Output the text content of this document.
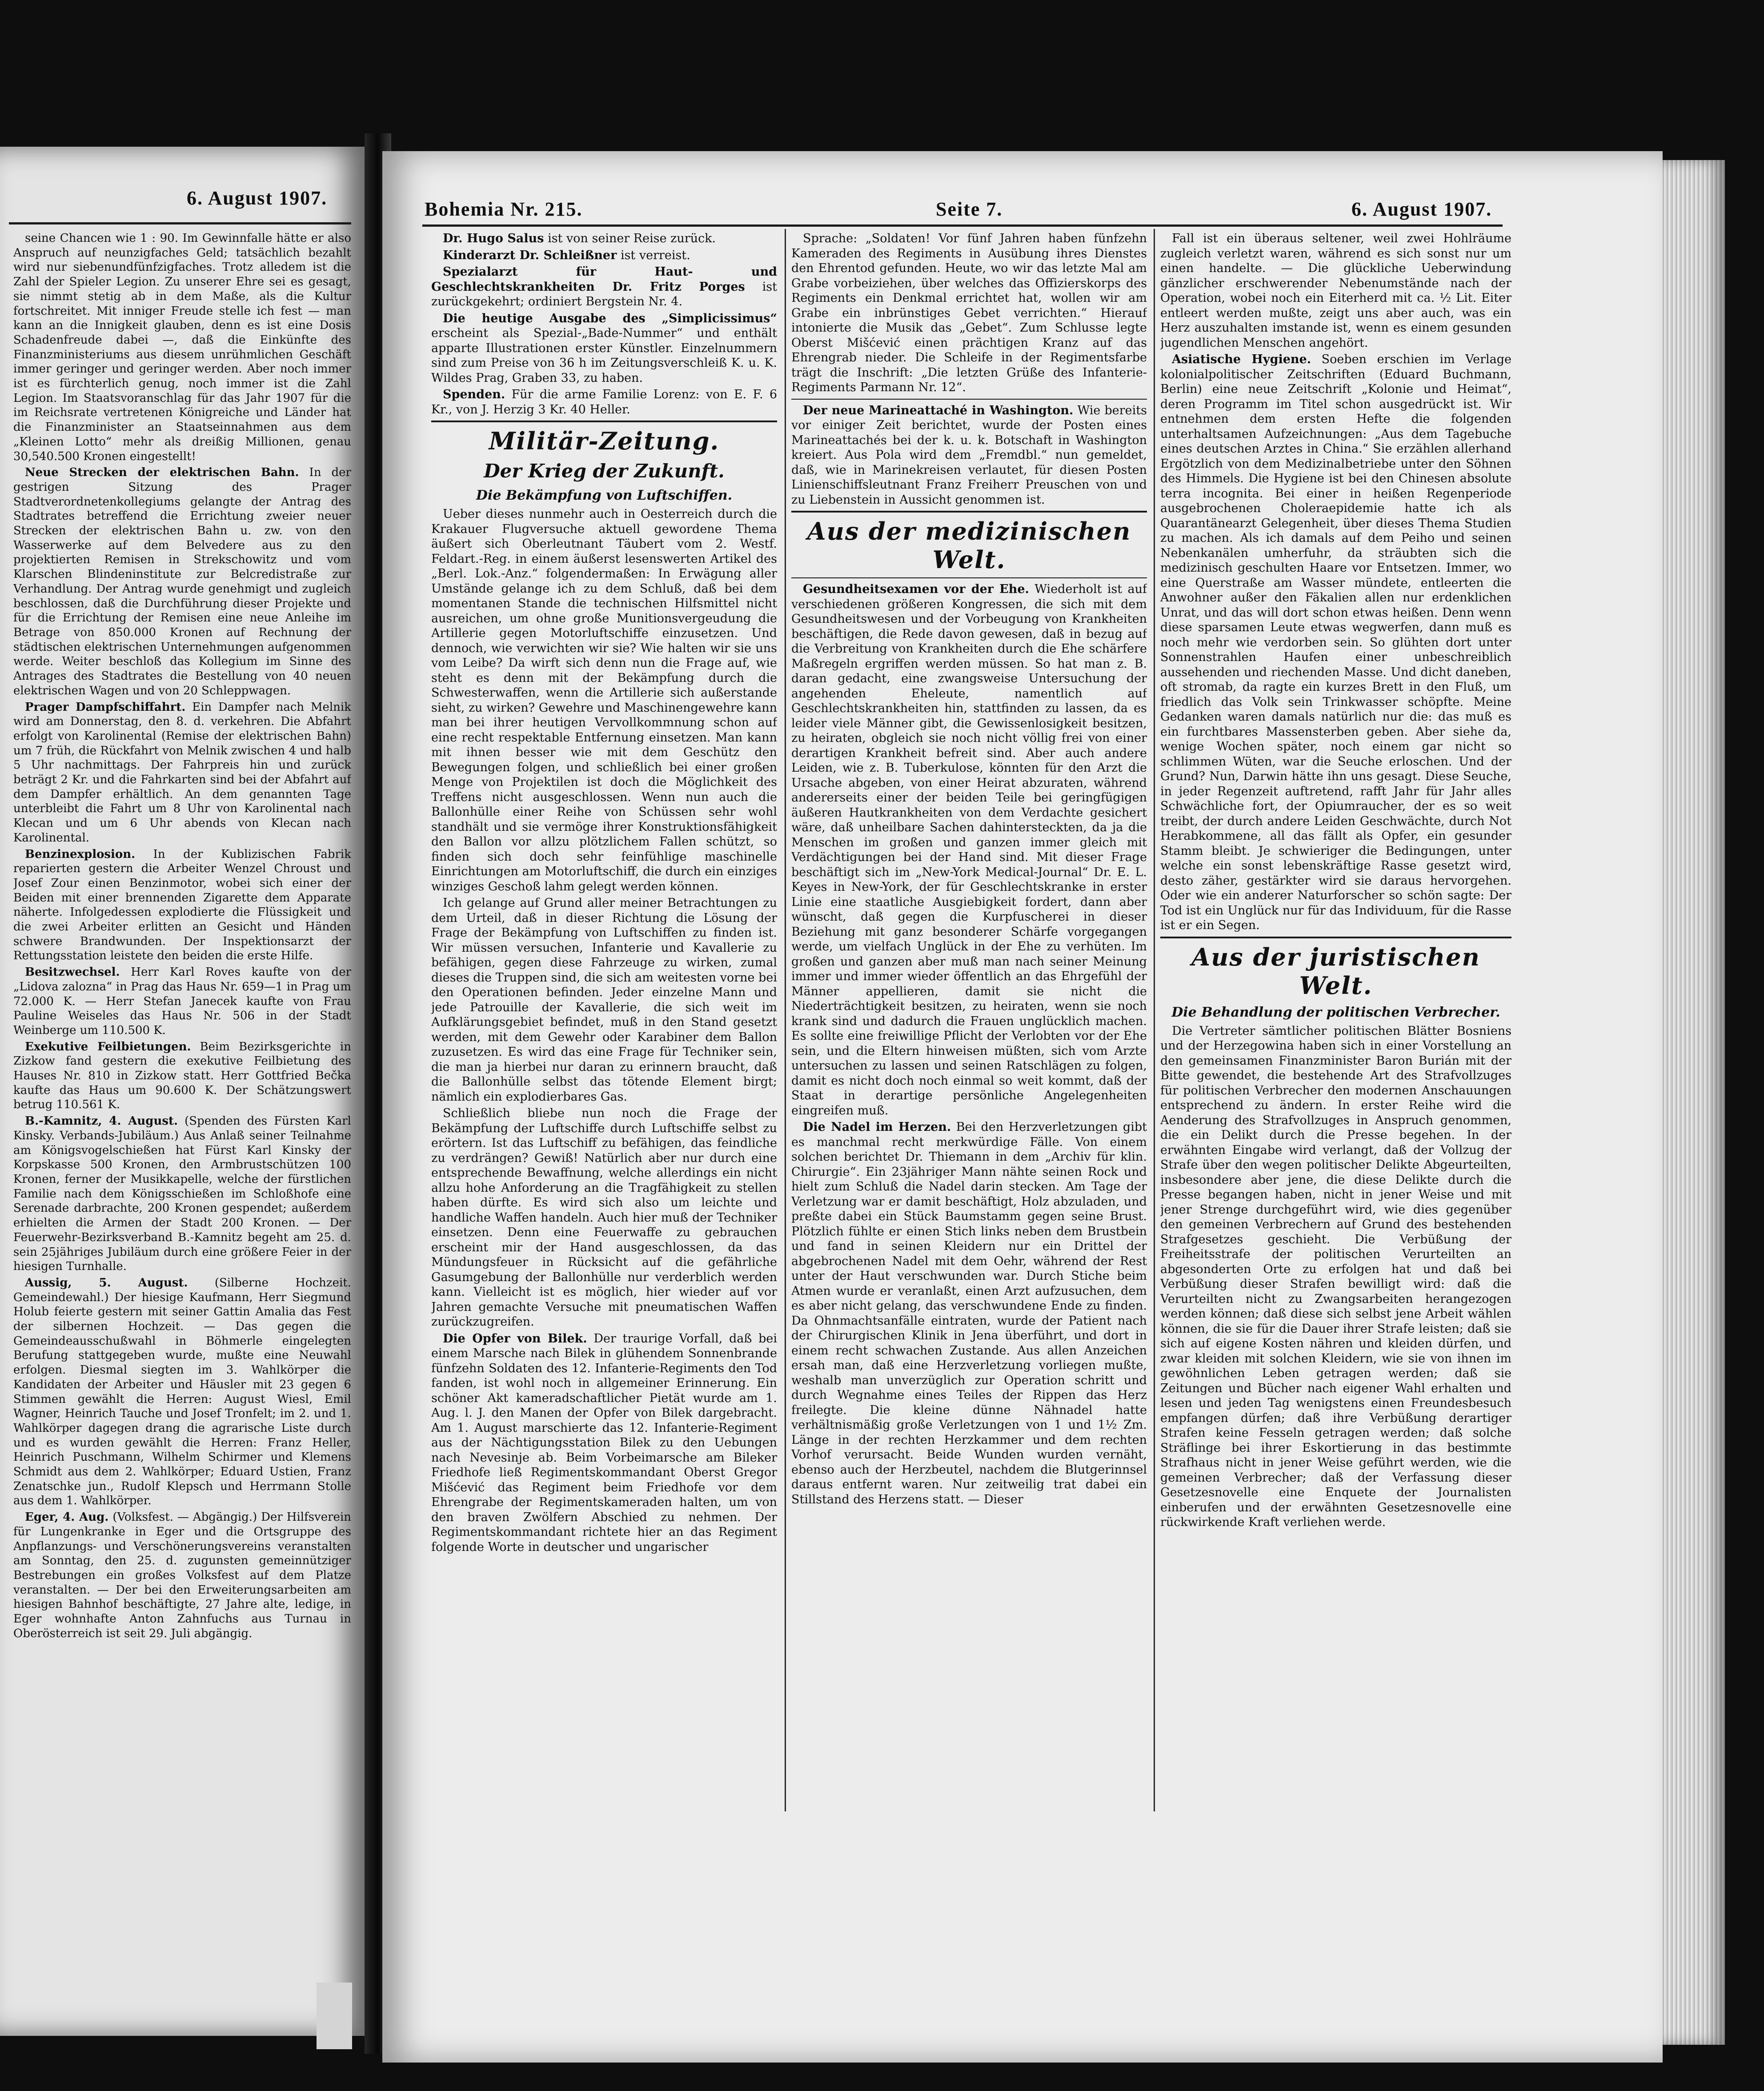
6. August 1907.
Bohemia Nr. 215.	Seite 7.	6. August 1907.

seine Chancen wie 1 : 90. Im Gewinnfalle hätte er also Anspruch auf neunzigfaches Geld; tatsächlich bezahlt wird nur siebenundfünfzigfaches. Trotz alledem ist die Zahl der Spieler Legion. Zu unserer Ehre sei es gesagt, sie nimmt stetig ab in dem Maße, als die Kultur fortschreitet. Mit inniger Freude stelle ich fest — man kann an die Innigkeit glauben, denn es ist eine Dosis Schadenfreude dabei —, daß die Einkünfte des Finanzministeriums aus diesem unrühmlichen Geschäft immer geringer und geringer werden. Aber noch immer ist es fürchterlich genug, noch immer ist die Zahl Legion. Im Staatsvoranschlag für das Jahr 1907 für die im Reichsrate vertretenen Königreiche und Länder hat die Finanzminister an Staatseinnahmen aus dem „Kleinen Lotto“ mehr als dreißig Millionen, genau 30,540.500 Kronen eingestellt!

Neue Strecken der elektrischen Bahn. In der gestrigen Sitzung des Prager Stadtverordnetenkollegiums gelangte der Antrag des Stadtrates betreffend die Errichtung zweier neuer Strecken der elektrischen Bahn u. zw. von den Wasserwerke auf dem Belvedere aus zu den projektierten Remisen in Strekschowitz und vom Klarschen Blindeninstitute zur Belcredistraße zur Verhandlung. Der Antrag wurde genehmigt und zugleich beschlossen, daß die Durchführung dieser Projekte und für die Errichtung der Remisen eine neue Anleihe im Betrage von 850.000 Kronen auf Rechnung der städtischen elektrischen Unternehmungen aufgenommen werde. Weiter beschloß das Kollegium im Sinne des Antrages des Stadtrates die Bestellung von 40 neuen elektrischen Wagen und von 20 Schleppwagen.

Prager Dampfschiffahrt. Ein Dampfer nach Melnik wird am Donnerstag, den 8. d. verkehren. Die Abfahrt erfolgt von Karolinental (Remise der elektrischen Bahn) um 7 früh, die Rückfahrt von Melnik zwischen 4 und halb 5 Uhr nachmittags. Der Fahrpreis hin und zurück beträgt 2 Kr. und die Fahrkarten sind bei der Abfahrt auf dem Dampfer erhältlich. An dem genannten Tage unterbleibt die Fahrt um 8 Uhr von Karolinental nach Klecan und um 6 Uhr abends von Klecan nach Karolinental.

Benzinexplosion. In der Kublizischen Fabrik reparierten gestern die Arbeiter Wenzel Chroust und Josef Zour einen Benzinmotor, wobei sich einer der Beiden mit einer brennenden Zigarette dem Apparate näherte. Infolgedessen explodierte die Flüssigkeit und die zwei Arbeiter erlitten an Gesicht und Händen schwere Brandwunden. Der Inspektionsarzt der Rettungsstation leistete den beiden die erste Hilfe.

Besitzwechsel. Herr Karl Roves kaufte von der „Lidova zalozna“ in Prag das Haus Nr. 659—1 in Prag um 72.000 K. — Herr Stefan Janecek kaufte von Frau Pauline Weiseles das Haus Nr. 506 in der Stadt Weinberge um 110.500 K.

Exekutive Feilbietungen. Beim Bezirksgerichte in Zizkow fand gestern die exekutive Feilbietung des Hauses Nr. 810 in Zizkow statt. Herr Gottfried Bečka kaufte das Haus um 90.600 K. Der Schätzungswert betrug 110.561 K.

B.-Kamnitz, 4. August. (Spenden des Fürsten Karl Kinsky. Verbands-Jubiläum.) Aus Anlaß seiner Teilnahme am Königsvogelschießen hat Fürst Karl Kinsky der Korpskasse 500 Kronen, den Armbrustschützen 100 Kronen, ferner der Musikkapelle, welche der fürstlichen Familie nach dem Königsschießen im Schloßhofe eine Serenade darbrachte, 200 Kronen gespendet; außerdem erhielten die Armen der Stadt 200 Kronen. — Der Feuerwehr-Bezirksverband B.-Kamnitz begeht am 25. d. sein 25jähriges Jubiläum durch eine größere Feier in der hiesigen Turnhalle.

Aussig, 5. August. (Silberne Hochzeit. Gemeindewahl.) Der hiesige Kaufmann, Herr Siegmund Holub feierte gestern mit seiner Gattin Amalia das Fest der silbernen Hochzeit. — Das gegen die Gemeindeausschußwahl in Böhmerle eingelegten Berufung stattgegeben wurde, mußte eine Neuwahl erfolgen. Diesmal siegten im 3. Wahlkörper die Kandidaten der Arbeiter und Häusler mit 23 gegen 6 Stimmen gewählt die Herren: August Wiesl, Emil Wagner, Heinrich Tauche und Josef Tronfelt; im 2. und 1. Wahlkörper dagegen drang die agrarische Liste durch und es wurden gewählt die Herren: Franz Heller, Heinrich Puschmann, Wilhelm Schirmer und Klemens Schmidt aus dem 2. Wahlkörper; Eduard Ustien, Franz Zenatschke jun., Rudolf Klepsch und Herrmann Stolle aus dem 1. Wahlkörper.

Eger, 4. Aug. (Volksfest. — Abgängig.) Der Hilfsverein für Lungenkranke in Eger und die Ortsgruppe des Anpflanzungs- und Verschönerungsvereins veranstalten am Sonntag, den 25. d. zugunsten gemeinnütziger Bestrebungen ein großes Volksfest auf dem Platze veranstalten. — Der bei den Erweiterungsarbeiten am hiesigen Bahnhof beschäftigte, 27 Jahre alte, ledige, in Eger wohnhafte Anton Zahnfuchs aus Turnau in Oberösterreich ist seit 29. Juli abgängig.

Dr. Hugo Salus ist von seiner Reise zurück.

Kinderarzt Dr. Schleißner ist verreist.

Spezialarzt für Haut- und Geschlechtskrankheiten Dr. Fritz Porges ist zurückgekehrt; ordiniert Bergstein Nr. 4.

Die heutige Ausgabe des „Simplicissimus“ erscheint als Spezial-„Bade-Nummer“ und enthält apparte Illustrationen erster Künstler. Einzelnummern sind zum Preise von 36 h im Zeitungsverschleiß K. u. K. Wildes Prag, Graben 33, zu haben.

Spenden. Für die arme Familie Lorenz: von E. F. 6 Kr., von J. Herzig 3 Kr. 40 Heller.

Militär-Zeitung.
Der Krieg der Zukunft.
Die Bekämpfung von Luftschiffen.

Ueber dieses nunmehr auch in Oesterreich durch die Krakauer Flugversuche aktuell gewordene Thema äußert sich Oberleutnant Täubert vom 2. Westf. Feldart.-Reg. in einem äußerst lesenswerten Artikel des „Berl. Lok.-Anz.“ folgendermaßen: In Erwägung aller Umstände gelange ich zu dem Schluß, daß bei dem momentanen Stande die technischen Hilfsmittel nicht ausreichen, um ohne große Munitionsvergeudung die Artillerie gegen Motorluftschiffe einzusetzen. Und dennoch, wie verwichten wir sie? Wie halten wir sie uns vom Leibe? Da wirft sich denn nun die Frage auf, wie steht es denn mit der Bekämpfung durch die Schwesterwaffen, wenn die Artillerie sich außerstande sieht, zu wirken? Gewehre und Maschinengewehre kann man bei ihrer heutigen Vervollkommnung schon auf eine recht respektable Entfernung einsetzen. Man kann mit ihnen besser wie mit dem Geschütz den Bewegungen folgen, und schließlich bei einer großen Menge von Projektilen ist doch die Möglichkeit des Treffens nicht ausgeschlossen. Wenn nun auch die Ballonhülle einer Reihe von Schüssen sehr wohl standhält und sie vermöge ihrer Konstruktionsfähigkeit den Ballon vor allzu plötzlichem Fallen schützt, so finden sich doch sehr feinfühlige maschinelle Einrichtungen am Motorluftschiff, die durch ein einziges winziges Geschoß lahm gelegt werden können.

Ich gelange auf Grund aller meiner Betrachtungen zu dem Urteil, daß in dieser Richtung die Lösung der Frage der Bekämpfung von Luftschiffen zu finden ist. Wir müssen versuchen, Infanterie und Kavallerie zu befähigen, gegen diese Fahrzeuge zu wirken, zumal dieses die Truppen sind, die sich am weitesten vorne bei den Operationen befinden. Jeder einzelne Mann und jede Patrouille der Kavallerie, die sich weit im Aufklärungsgebiet befindet, muß in den Stand gesetzt werden, mit dem Gewehr oder Karabiner dem Ballon zuzusetzen. Es wird das eine Frage für Techniker sein, die man ja hierbei nur daran zu erinnern braucht, daß die Ballonhülle selbst das tötende Element birgt; nämlich ein explodierbares Gas.

Schließlich bliebe nun noch die Frage der Bekämpfung der Luftschiffe durch Luftschiffe selbst zu erörtern. Ist das Luftschiff zu befähigen, das feindliche zu verdrängen? Gewiß! Natürlich aber nur durch eine entsprechende Bewaffnung, welche allerdings ein nicht allzu hohe Anforderung an die Tragfähigkeit zu stellen haben dürfte. Es wird sich also um leichte und handliche Waffen handeln. Auch hier muß der Techniker einsetzen. Denn eine Feuerwaffe zu gebrauchen erscheint mir der Hand ausgeschlossen, da das Mündungsfeuer in Rücksicht auf die gefährliche Gasumgebung der Ballonhülle nur verderblich werden kann. Vielleicht ist es möglich, hier wieder auf vor Jahren gemachte Versuche mit pneumatischen Waffen zurückzugreifen.

Die Opfer von Bilek. Der traurige Vorfall, daß bei einem Marsche nach Bilek in glühendem Sonnenbrande fünfzehn Soldaten des 12. Infanterie-Regiments den Tod fanden, ist wohl noch in allgemeiner Erinnerung. Ein schöner Akt kameradschaftlicher Pietät wurde am 1. Aug. l. J. den Manen der Opfer von Bilek dargebracht. Am 1. August marschierte das 12. Infanterie-Regiment aus der Nächtigungsstation Bilek zu den Uebungen nach Nevesinje ab. Beim Vorbeimarsche am Bileker Friedhofe ließ Regimentskommandant Oberst Gregor Mišćević das Regiment beim Friedhofe vor dem Ehrengrabe der Regimentskameraden halten, um von den braven Zwölfern Abschied zu nehmen. Der Regimentskommandant richtete hier an das Regiment folgende Worte in deutscher und ungarischer

Sprache: „Soldaten! Vor fünf Jahren haben fünfzehn Kameraden des Regiments in Ausübung ihres Dienstes den Ehrentod gefunden. Heute, wo wir das letzte Mal am Grabe vorbeiziehen, über welches das Offizierskorps des Regiments ein Denkmal errichtet hat, wollen wir am Grabe ein inbrünstiges Gebet verrichten.“ Hierauf intonierte die Musik das „Gebet“. Zum Schlusse legte Oberst Mišćević einen prächtigen Kranz auf das Ehrengrab nieder. Die Schleife in der Regimentsfarbe trägt die Inschrift: „Die letzten Grüße des Infanterie-Regiments Parmann Nr. 12“.

Der neue Marineattaché in Washington. Wie bereits vor einiger Zeit berichtet, wurde der Posten eines Marineattachés bei der k. u. k. Botschaft in Washington kreiert. Aus Pola wird dem „Fremdbl.“ nun gemeldet, daß, wie in Marinekreisen verlautet, für diesen Posten Linienschiffsleutnant Franz Freiherr Preuschen von und zu Liebenstein in Aussicht genommen ist.

Aus der medizinischen Welt.

Gesundheitsexamen vor der Ehe. Wiederholt ist auf verschiedenen größeren Kongressen, die sich mit dem Gesundheitswesen und der Vorbeugung von Krankheiten beschäftigen, die Rede davon gewesen, daß in bezug auf die Verbreitung von Krankheiten durch die Ehe schärfere Maßregeln ergriffen werden müssen. So hat man z. B. daran gedacht, eine zwangsweise Untersuchung der angehenden Eheleute, namentlich auf Geschlechtskrankheiten hin, stattfinden zu lassen, da es leider viele Männer gibt, die Gewissenlosigkeit besitzen, zu heiraten, obgleich sie noch nicht völlig frei von einer derartigen Krankheit befreit sind. Aber auch andere Leiden, wie z. B. Tuberkulose, könnten für den Arzt die Ursache abgeben, von einer Heirat abzuraten, während andererseits einer der beiden Teile bei geringfügigen äußeren Hautkrankheiten von dem Verdachte gesichert wäre, daß unheilbare Sachen dahintersteckten, da ja die Menschen im großen und ganzen immer gleich mit Verdächtigungen bei der Hand sind. Mit dieser Frage beschäftigt sich im „New-York Medical-Journal“ Dr. E. L. Keyes in New-York, der für Geschlechtskranke in erster Linie eine staatliche Ausgiebigkeit fordert, dann aber wünscht, daß gegen die Kurpfuscherei in dieser Beziehung mit ganz besonderer Schärfe vorgegangen werde, um vielfach Unglück in der Ehe zu verhüten. Im großen und ganzen aber muß man nach seiner Meinung immer und immer wieder öffentlich an das Ehrgefühl der Männer appellieren, damit sie nicht die Niederträchtigkeit besitzen, zu heiraten, wenn sie noch krank sind und dadurch die Frauen unglücklich machen. Es sollte eine freiwillige Pflicht der Verlobten vor der Ehe sein, und die Eltern hinweisen müßten, sich vom Arzte untersuchen zu lassen und seinen Ratschlägen zu folgen, damit es nicht doch noch einmal so weit kommt, daß der Staat in derartige persönliche Angelegenheiten eingreifen muß.

Die Nadel im Herzen. Bei den Herzverletzungen gibt es manchmal recht merkwürdige Fälle. Von einem solchen berichtet Dr. Thiemann in dem „Archiv für klin. Chirurgie“. Ein 23jähriger Mann nähte seinen Rock und hielt zum Schluß die Nadel darin stecken. Am Tage der Verletzung war er damit beschäftigt, Holz abzuladen, und preßte dabei ein Stück Baumstamm gegen seine Brust. Plötzlich fühlte er einen Stich links neben dem Brustbein und fand in seinen Kleidern nur ein Drittel der abgebrochenen Nadel mit dem Oehr, während der Rest unter der Haut verschwunden war. Durch Stiche beim Atmen wurde er veranlaßt, einen Arzt aufzusuchen, dem es aber nicht gelang, das verschwundene Ende zu finden. Da Ohnmachtsanfälle eintraten, wurde der Patient nach der Chirurgischen Klinik in Jena überführt, und dort in einem recht schwachen Zustande. Aus allen Anzeichen ersah man, daß eine Herzverletzung vorliegen mußte, weshalb man unverzüglich zur Operation schritt und durch Wegnahme eines Teiles der Rippen das Herz freilegte. Die kleine dünne Nähnadel hatte verhältnismäßig große Verletzungen von 1 und 1½ Zm. Länge in der rechten Herzkammer und dem rechten Vorhof verursacht. Beide Wunden wurden vernäht, ebenso auch der Herzbeutel, nachdem die Blutgerinnsel daraus entfernt waren. Nur zeitweilig trat dabei ein Stillstand des Herzens statt. — Dieser

Fall ist ein überaus seltener, weil zwei Hohlräume zugleich verletzt waren, während es sich sonst nur um einen handelte. — Die glückliche Ueberwindung gänzlicher erschwerender Nebenumstände nach der Operation, wobei noch ein Eiterherd mit ca. ½ Lit. Eiter entleert werden mußte, zeigt uns aber auch, was ein Herz auszuhalten imstande ist, wenn es einem gesunden jugendlichen Menschen angehört.

Asiatische Hygiene. Soeben erschien im Verlage kolonialpolitischer Zeitschriften (Eduard Buchmann, Berlin) eine neue Zeitschrift „Kolonie und Heimat“, deren Programm im Titel schon ausgedrückt ist. Wir entnehmen dem ersten Hefte die folgenden unterhaltsamen Aufzeichnungen: „Aus dem Tagebuche eines deutschen Arztes in China.“ Sie erzählen allerhand Ergötzlich von dem Medizinalbetriebe unter den Söhnen des Himmels. Die Hygiene ist bei den Chinesen absolute terra incognita. Bei einer in heißen Regenperiode ausgebrochenen Choleraepidemie hatte ich als Quarantänearzt Gelegenheit, über dieses Thema Studien zu machen. Als ich damals auf dem Peiho und seinen Nebenkanälen umherfuhr, da sträubten sich die medizinisch geschulten Haare vor Entsetzen. Immer, wo eine Querstraße am Wasser mündete, entleerten die Anwohner außer den Fäkalien allen nur erdenklichen Unrat, und das will dort schon etwas heißen. Denn wenn diese sparsamen Leute etwas wegwerfen, dann muß es noch mehr wie verdorben sein. So glühten dort unter Sonnenstrahlen Haufen einer unbeschreiblich aussehenden und riechenden Masse. Und dicht daneben, oft stromab, da ragte ein kurzes Brett in den Fluß, um friedlich das Volk sein Trinkwasser schöpfte. Meine Gedanken waren damals natürlich nur die: das muß es ein furchtbares Massensterben geben. Aber siehe da, wenige Wochen später, noch einem gar nicht so schlimmen Wüten, war die Seuche erloschen. Und der Grund? Nun, Darwin hätte ihn uns gesagt. Diese Seuche, in jeder Regenzeit auftretend, rafft Jahr für Jahr alles Schwächliche fort, der Opiumraucher, der es so weit treibt, der durch andere Leiden Geschwächte, durch Not Herabkommene, all das fällt als Opfer, ein gesunder Stamm bleibt. Je schwieriger die Bedingungen, unter welche ein sonst lebenskräftige Rasse gesetzt wird, desto zäher, gestärkter wird sie daraus hervorgehen. Oder wie ein anderer Naturforscher so schön sagte: Der Tod ist ein Unglück nur für das Individuum, für die Rasse ist er ein Segen.

Aus der juristischen Welt.
Die Behandlung der politischen Verbrecher.

Die Vertreter sämtlicher politischen Blätter Bosniens und der Herzegowina haben sich in einer Vorstellung an den gemeinsamen Finanzminister Baron Burián mit der Bitte gewendet, die bestehende Art des Strafvollzuges für politischen Verbrecher den modernen Anschauungen entsprechend zu ändern. In erster Reihe wird die Aenderung des Strafvollzuges in Anspruch genommen, die ein Delikt durch die Presse begehen. In der erwähnten Eingabe wird verlangt, daß der Vollzug der Strafe über den wegen politischer Delikte Abgeurteilten, insbesondere aber jene, die diese Delikte durch die Presse begangen haben, nicht in jener Weise und mit jener Strenge durchgeführt wird, wie dies gegenüber den gemeinen Verbrechern auf Grund des bestehenden Strafgesetzes geschieht. Die Verbüßung der Freiheitsstrafe der politischen Verurteilten an abgesonderten Orte zu erfolgen hat und daß bei Verbüßung dieser Strafen bewilligt wird: daß die Verurteilten nicht zu Zwangsarbeiten herangezogen werden können; daß diese sich selbst jene Arbeit wählen können, die sie für die Dauer ihrer Strafe leisten; daß sie sich auf eigene Kosten nähren und kleiden dürfen, und zwar kleiden mit solchen Kleidern, wie sie von ihnen im gewöhnlichen Leben getragen werden; daß sie Zeitungen und Bücher nach eigener Wahl erhalten und lesen und jeden Tag wenigstens einen Freundesbesuch empfangen dürfen; daß ihre Verbüßung derartiger Strafen keine Fesseln getragen werden; daß solche Sträflinge bei ihrer Eskortierung in das bestimmte Strafhaus nicht in jener Weise geführt werden, wie die gemeinen Verbrecher; daß der Verfassung dieser Gesetzesnovelle eine Enquete der Journalisten einberufen und der erwähnten Gesetzesnovelle eine rückwirkende Kraft verliehen werde.
